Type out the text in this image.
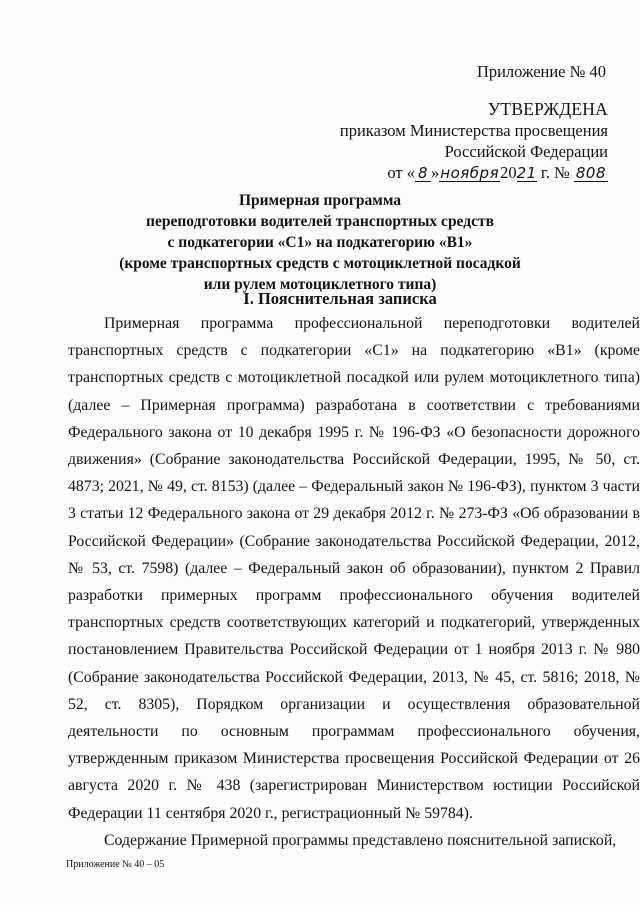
Приложение № 40
УТВЕРЖДЕНА
приказом Министерства просвещения
Российской Федерации
от « 8 »ноября2021 г. № 808
Примерная программа
переподготовки водителей транспортных средств
с подкатегории «С1» на подкатегорию «В1»
(кроме транспортных средств с мотоциклетной посадкой
или рулем мотоциклетного типа)
I. Пояснительная записка

Примерная программа профессиональной переподготовки водителей транспортных средств с подкатегории «С1» на подкатегорию «В1» (кроме транспортных средств с мотоциклетной посадкой или рулем мотоциклетного типа) (далее – Примерная программа) разработана в соответствии с требованиями Федерального закона от 10 декабря 1995 г. № 196-ФЗ «О безопасности дорожного движения» (Собрание законодательства Российской Федерации, 1995, № 50, ст. 4873; 2021, № 49, ст. 8153) (далее – Федеральный закон № 196-ФЗ), пунктом 3 части 3 статьи 12 Федерального закона от 29 декабря 2012 г. № 273-ФЗ «Об образовании в Российской Федерации» (Собрание законодательства Российской Федерации, 2012, № 53, ст. 7598) (далее – Федеральный закон об образовании), пунктом 2 Правил разработки примерных программ профессионального обучения водителей транспортных средств соответствующих категорий и подкатегорий, утвержденных постановлением Правительства Российской Федерации от 1 ноября 2013 г. № 980 (Собрание законодательства Российской Федерации, 2013, № 45, ст. 5816; 2018, № 52, ст. 8305), Порядком организации и осуществления образовательной деятельности по основным программам профессионального обучения, утвержденным приказом Министерства просвещения Российской Федерации от 26 августа 2020 г. № 438 (зарегистрирован Министерством юстиции Российской Федерации 11 сентября 2020 г., регистрационный № 59784).

Содержание Примерной программы представлено пояснительной запиской,

Приложение № 40 – 05
